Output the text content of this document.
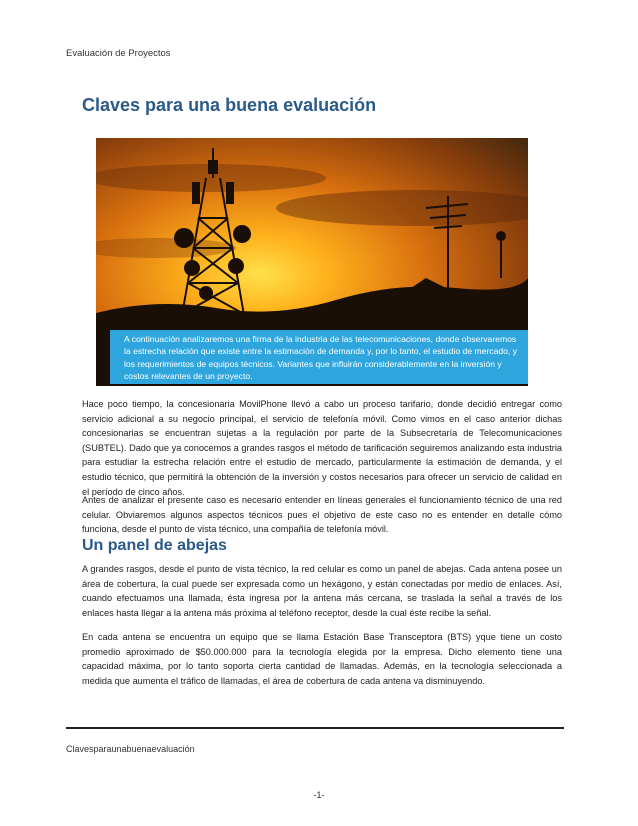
Evaluación de Proyectos
Claves para una buena evaluación
A continuación analizaremos una firma de la industria de las telecomunicaciones, donde observaremos la estrecha relación que existe entre la estimación de demanda y, por lo tanto, el estudio de mercado, y los requerimientos de equipos técnicos. Variantes que influirán considerablemente en la inversión y costos relevantes de un proyecto.

Hace poco tiempo, la concesionaria MovilPhone llevó a cabo un proceso tarifario, donde decidió entregar como servicio adicional a su negocio principal, el servicio de telefonía móvil. Como vimos en el caso anterior dichas concesionarias se encuentran sujetas a la regulación por parte de la Subsecretaría de Telecomunicaciones (SUBTEL). Dado que ya conocemos a grandes rasgos el método de tarificación seguiremos analizando esta industria para estudiar la estrecha relación entre el estudio de mercado, particularmente la estimación de demanda, y el estudio técnico, que permitirá la obtención de la inversión y costos necesarios para ofrecer un servicio de calidad en el período de cinco años.

Antes de analizar el presente caso es necesario entender en líneas generales el funcionamiento técnico de una red celular. Obviaremos algunos aspectos técnicos pues el objetivo de este caso no es entender en detalle cómo funciona, desde el punto de vista técnico, una compañía de telefonía móvil.

Un panel de abejas

A grandes rasgos, desde el punto de vista técnico, la red celular es como un panel de abejas. Cada antena posee un área de cobertura, la cual puede ser expresada como un hexágono, y están conectadas por medio de enlaces. Así, cuando efectuamos una llamada, ésta ingresa por la antena más cercana, se traslada la señal a través de los enlaces hasta llegar a la antena más próxima al teléfono receptor, desde la cual éste recibe la señal.

En cada antena se encuentra un equipo que se llama Estación Base Transceptora (BTS) yque tiene un costo promedio aproximado de $50.000.000 para la tecnología elegida por la empresa. Dicho elemento tiene una capacidad máxima, por lo tanto soporta cierta cantidad de llamadas. Además, en la tecnología seleccionada a medida que aumenta el tráfico de llamadas, el área de cobertura de cada antena va disminuyendo.

Clavesparaunabuenaevaluación
-1-
